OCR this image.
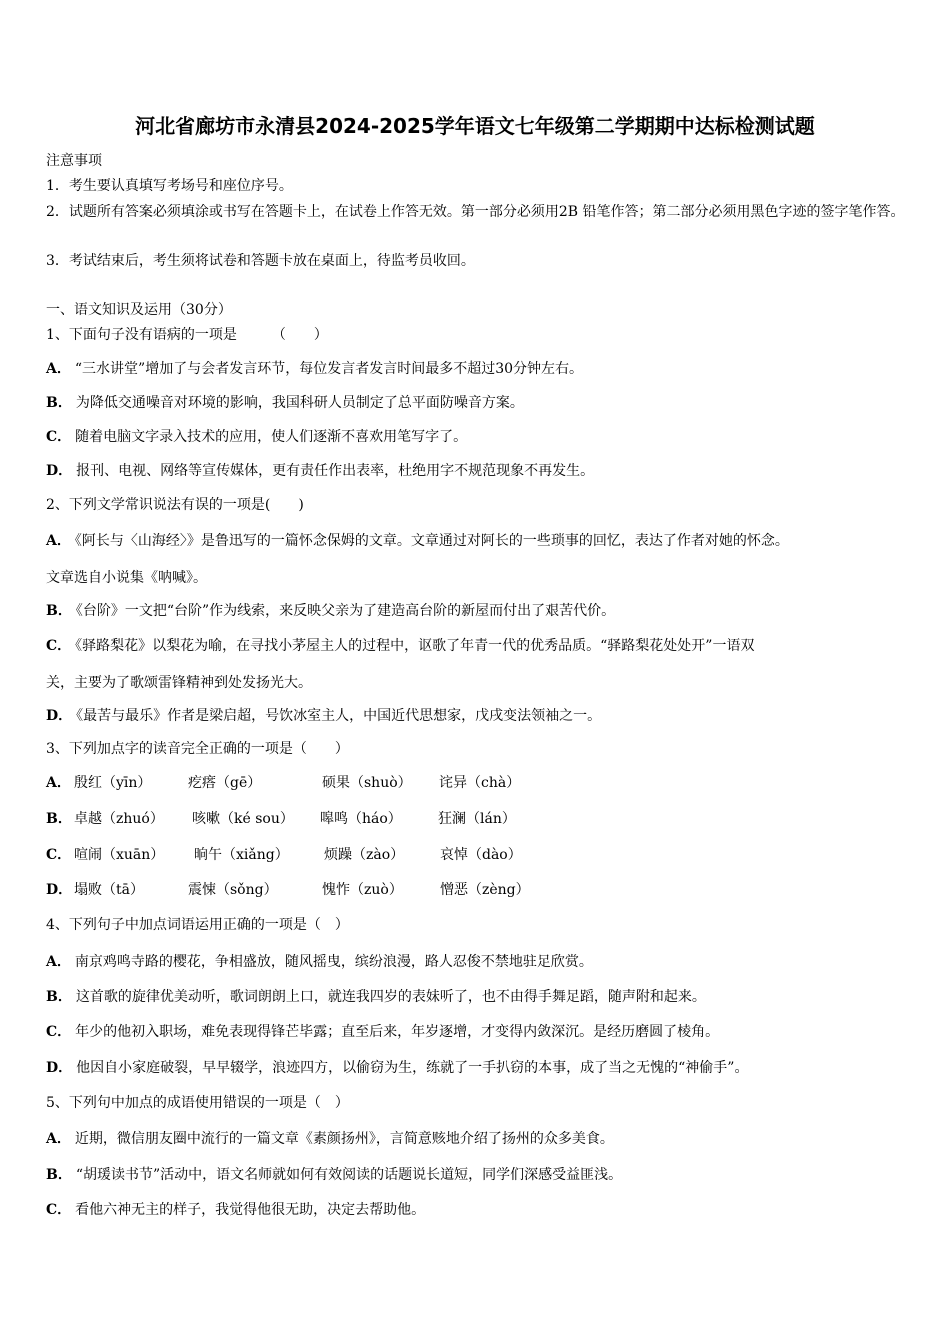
河北省廊坊市永清县2024-2025学年语文七年级第二学期期中达标检测试题
注意事项
1．考生要认真填写考场号和座位序号。
2．试题所有答案必须填涂或书写在答题卡上，在试卷上作答无效。第一部分必须用2B 铅笔作答；第二部分必须用黑色字迹的签字笔作答。
3．考试结束后，考生须将试卷和答题卡放在桌面上，待监考员收回。
一、语文知识及运用（30分）
1、下面句子没有语病的一项是　　　（　　）
A． “三水讲堂”增加了与会者发言环节，每位发言者发言时间最多不超过30分钟左右。
B． 为降低交通噪音对环境的影响，我国科研人员制定了总平面防噪音方案。
C． 随着电脑文字录入技术的应用，使人们逐渐不喜欢用笔写字了。
D． 报刊、电视、网络等宣传媒体，更有责任作出表率，杜绝用字不规范现象不再发生。
2、下列文学常识说法有误的一项是(　　)
A． 《阿长与〈山海经〉》是鲁迅写的一篇怀念保姆的文章。文章通过对阿长的一些琐事的回忆，表达了作者对她的怀念。
文章选自小说集《呐喊》。
B． 《台阶》一文把“台阶”作为线索，来反映父亲为了建造高台阶的新屋而付出了艰苦代价。
C． 《驿路梨花》以梨花为喻，在寻找小茅屋主人的过程中，讴歌了年青一代的优秀品质。“驿路梨花处处开”一语双
关，主要为了歌颂雷锋精神到处发扬光大。
D． 《最苦与最乐》作者是梁启超，号饮冰室主人，中国近代思想家，戊戌变法领袖之一。
3、下列加点字的读音完全正确的一项是（　　）
A． 殷红（yīn）	疙瘩（gē）	硕果（shuò） 诧异（chà）
B． 卓越（zhuó） 咳嗽（ké sou） 嗥鸣（háo）	狂澜（lán）
C． 喧闹（xuān） 晌午（xiǎng）	烦躁（zào）	哀悼（dào）
D． 塌败（tā）	震悚（sǒng）	愧怍（zuò）	憎恶（zèng）
4、下列句子中加点词语运用正确的一项是（　）
A． 南京鸡鸣寺路的樱花，争相盛放，随风摇曳，缤纷浪漫，路人忍俊不禁地驻足欣赏。
B． 这首歌的旋律优美动听，歌词朗朗上口，就连我四岁的表妹听了，也不由得手舞足蹈，随声附和起来。
C． 年少的他初入职场，难免表现得锋芒毕露；直至后来，年岁逐增，才变得内敛深沉。是经历磨圆了棱角。
D． 他因自小家庭破裂，早早辍学，浪迹四方，以偷窃为生，练就了一手扒窃的本事，成了当之无愧的“神偷手”。
5、下列句中加点的成语使用错误的一项是（　）
A． 近期，微信朋友圈中流行的一篇文章《素颜扬州》，言简意赅地介绍了扬州的众多美食。
B． “胡瑗读书节”活动中，语文名师就如何有效阅读的话题说长道短，同学们深感受益匪浅。
C． 看他六神无主的样子，我觉得他很无助，决定去帮助他。
